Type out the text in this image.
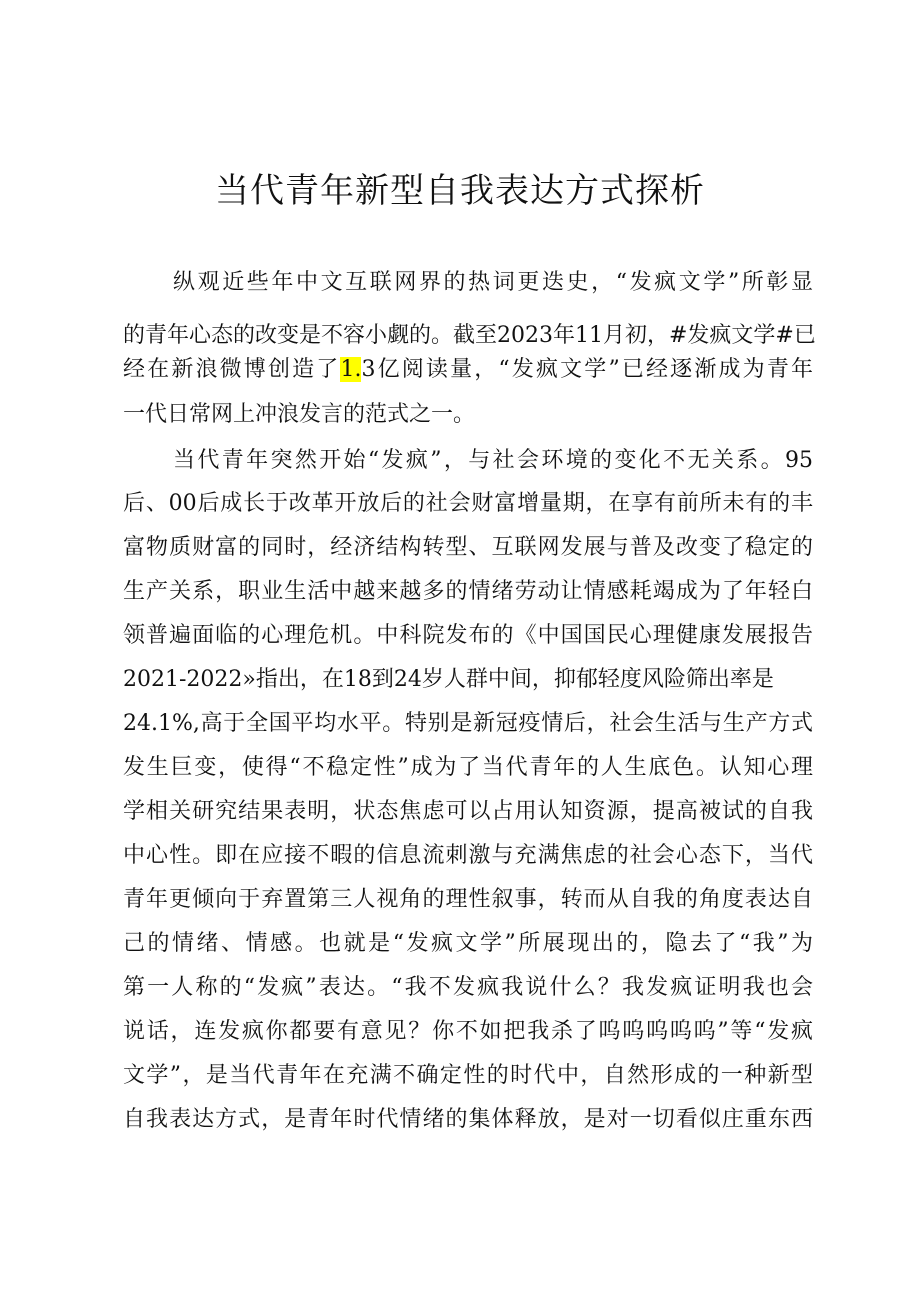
当代青年新型自我表达方式探析
纵观近些年中文互联网界的热词更迭史，“发疯文学”所彰显
的青年心态的改变是不容小觑的。截至2023年11月初，#发疯文学#已
经在新浪微博创造了1.3亿阅读量，“发疯文学”已经逐渐成为青年
一代日常网上冲浪发言的范式之一。
当代青年突然开始“发疯”，与社会环境的变化不无关系。95
后、00后成长于改革开放后的社会财富增量期，在享有前所未有的丰
富物质财富的同时，经济结构转型、互联网发展与普及改变了稳定的
生产关系，职业生活中越来越多的情绪劳动让情感耗竭成为了年轻白
领普遍面临的心理危机。中科院发布的《中国国民心理健康发展报告
2021-2022»指出，在18到24岁人群中间，抑郁轻度风险筛出率是
24.1%,高于全国平均水平。特别是新冠疫情后，社会生活与生产方式
发生巨变，使得“不稳定性”成为了当代青年的人生底色。认知心理
学相关研究结果表明，状态焦虑可以占用认知资源，提高被试的自我
中心性。即在应接不暇的信息流刺激与充满焦虑的社会心态下，当代
青年更倾向于弃置第三人视角的理性叙事，转而从自我的角度表达自
己的情绪、情感。也就是“发疯文学”所展现出的，隐去了“我”为
第一人称的“发疯”表达。“我不发疯我说什么？我发疯证明我也会
说话，连发疯你都要有意见？你不如把我杀了呜呜呜呜呜”等“发疯
文学”，是当代青年在充满不确定性的时代中，自然形成的一种新型
自我表达方式，是青年时代情绪的集体释放，是对一切看似庄重东西
